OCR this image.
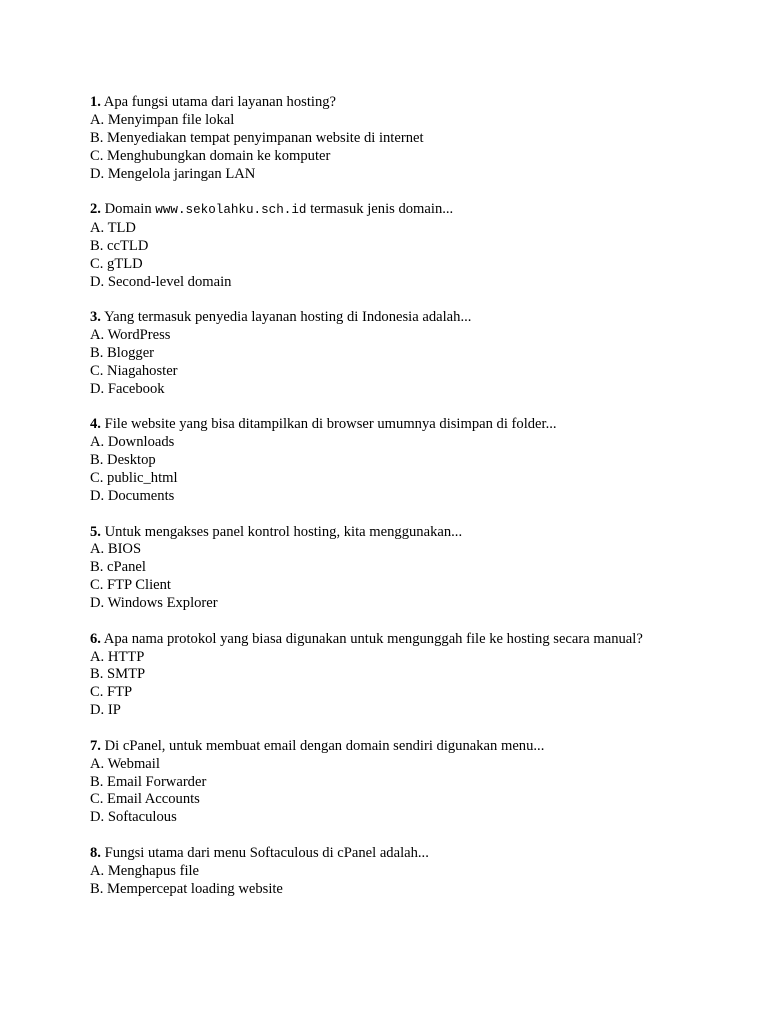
1. Apa fungsi utama dari layanan hosting?
A. Menyimpan file lokal
B. Menyediakan tempat penyimpanan website di internet
C. Menghubungkan domain ke komputer
D. Mengelola jaringan LAN
2. Domain www.sekolahku.sch.id termasuk jenis domain...
A. TLD
B. ccTLD
C. gTLD
D. Second-level domain
3. Yang termasuk penyedia layanan hosting di Indonesia adalah...
A. WordPress
B. Blogger
C. Niagahoster
D. Facebook
4. File website yang bisa ditampilkan di browser umumnya disimpan di folder...
A. Downloads
B. Desktop
C. public_html
D. Documents
5. Untuk mengakses panel kontrol hosting, kita menggunakan...
A. BIOS
B. cPanel
C. FTP Client
D. Windows Explorer
6. Apa nama protokol yang biasa digunakan untuk mengunggah file ke hosting secara manual?
A. HTTP
B. SMTP
C. FTP
D. IP
7. Di cPanel, untuk membuat email dengan domain sendiri digunakan menu...
A. Webmail
B. Email Forwarder
C. Email Accounts
D. Softaculous
8. Fungsi utama dari menu Softaculous di cPanel adalah...
A. Menghapus file
B. Mempercepat loading website
